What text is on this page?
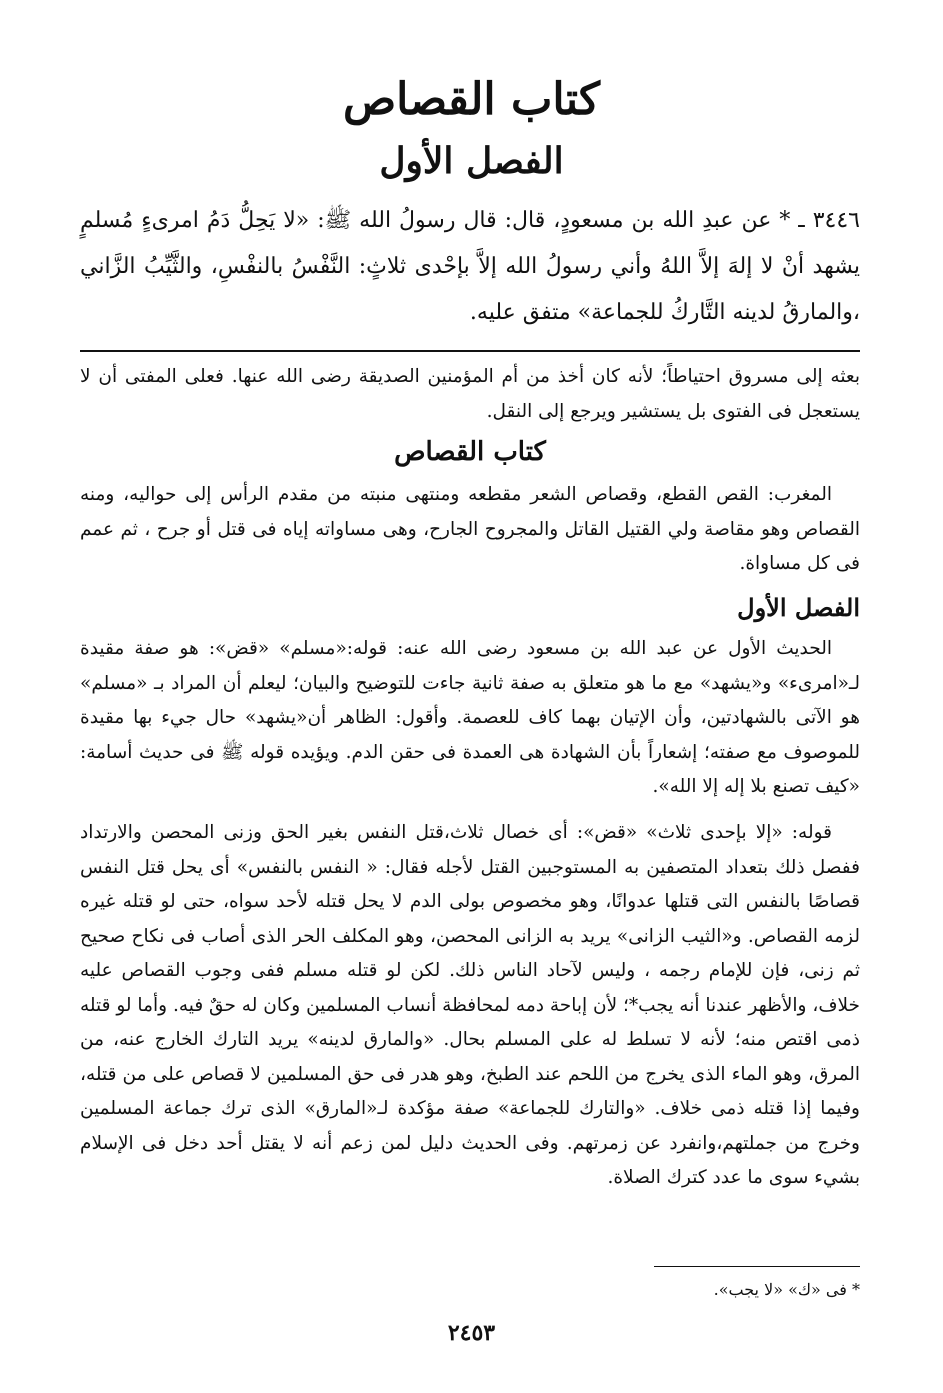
كتاب القصاص
الفصل الأول

٣٤٤٦ ـ * عن عبدِ الله بن مسعودٍ، قال: قال رسولُ الله ﷺ: «لا يَحِلُّ دَمُ امرىءٍ مُسلمٍ يشهد أنْ لا إلهَ إلاَّ اللهُ وأني رسولُ الله إلاَّ بإحْدى ثلاثٍ: النَّفْسُ بالنفْسِ، والثَّيِّبُ الزَّاني ،والمارقُ لدينه التَّاركُ للجماعة» متفق عليه.

بعثه إلى مسروق احتياطاً؛ لأنه كان أخذ من أم المؤمنين الصديقة رضى الله عنها. فعلى المفتى أن لا يستعجل فى الفتوى بل يستشير ويرجع إلى النقل.

كتاب القصاص

المغرب: القص القطع، وقصاص الشعر مقطعه ومنتهى منبته من مقدم الرأس إلى حواليه، ومنه القصاص وهو مقاصة ولي القتيل القاتل والمجروح الجارح، وهى مساواته إياه فى قتل أو جرح ، ثم عمم فى كل مساواة.

الفصل الأول

الحديث الأول عن عبد الله بن مسعود رضى الله عنه: قوله:«مسلم» «قض»: هو صفة مقيدة لـ«امرىء» و«يشهد» مع ما هو متعلق به صفة ثانية جاءت للتوضيح والبيان؛ ليعلم أن المراد بـ «مسلم» هو الآتى بالشهادتين، وأن الإتيان بهما كاف للعصمة. وأقول: الظاهر أن«يشهد» حال جيء بها مقيدة للموصوف مع صفته؛ إشعاراً بأن الشهادة هى العمدة فى حقن الدم. ويؤيده قوله ﷺ فى حديث أسامة: «كيف تصنع بلا إله إلا الله».

قوله: «إلا بإحدى ثلاث» «قض»: أى خصال ثلاث،قتل النفس بغير الحق وزنى المحصن والارتداد ففصل ذلك بتعداد المتصفين به المستوجبين القتل لأجله فقال: « النفس بالنفس» أى يحل قتل النفس قصاصًا بالنفس التى قتلها عدوانًا، وهو مخصوص بولى الدم لا يحل قتله لأحد سواه، حتى لو قتله غيره لزمه القصاص. و«الثيب الزانى» يريد به الزانى المحصن، وهو المكلف الحر الذى أصاب فى نكاح صحيح ثم زنى، فإن للإمام رجمه ، وليس لآحاد الناس ذلك. لكن لو قتله مسلم ففى وجوب القصاص عليه خلاف، والأظهر عندنا أنه يجب*؛ لأن إباحة دمه لمحافظة أنساب المسلمين وكان له حقٌ فيه. وأما لو قتله ذمى اقتص منه؛ لأنه لا تسلط له على المسلم بحال. «والمارق لدينه» يريد التارك الخارج عنه، من المرق، وهو الماء الذى يخرج من اللحم عند الطبخ، وهو هدر فى حق المسلمين لا قصاص على من قتله، وفيما إذا قتله ذمى خلاف. «والتارك للجماعة» صفة مؤكدة لـ«المارق» الذى ترك جماعة المسلمين وخرج من جملتهم،وانفرد عن زمرتهم. وفى الحديث دليل لمن زعم أنه لا يقتل أحد دخل فى الإسلام بشيء سوى ما عدد كترك الصلاة.

* فى «ك» «لا يجب».

٢٤٥٣
